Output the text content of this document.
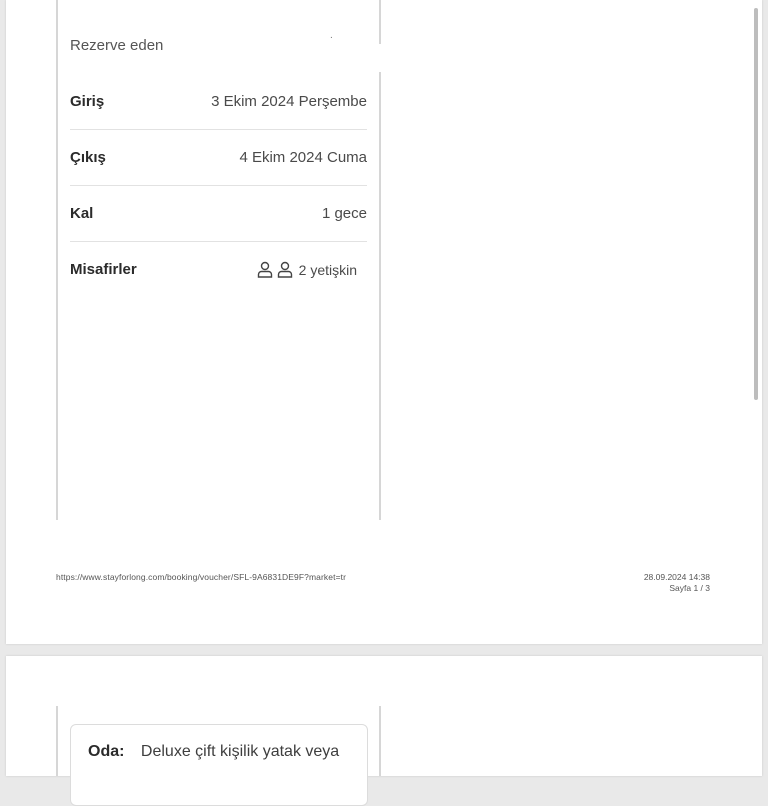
Rezerve eden
.
Giriş	3 Ekim 2024 Perşembe
Çıkış	4 Ekim 2024 Cuma
Kal	1 gece
Misafirler	2 yetişkin
https://www.stayforlong.com/booking/voucher/SFL-9A6831DE9F?market=tr	28.09.2024 14:38
Sayfa 1 / 3
Oda: Deluxe çift kişilik yatak veya
